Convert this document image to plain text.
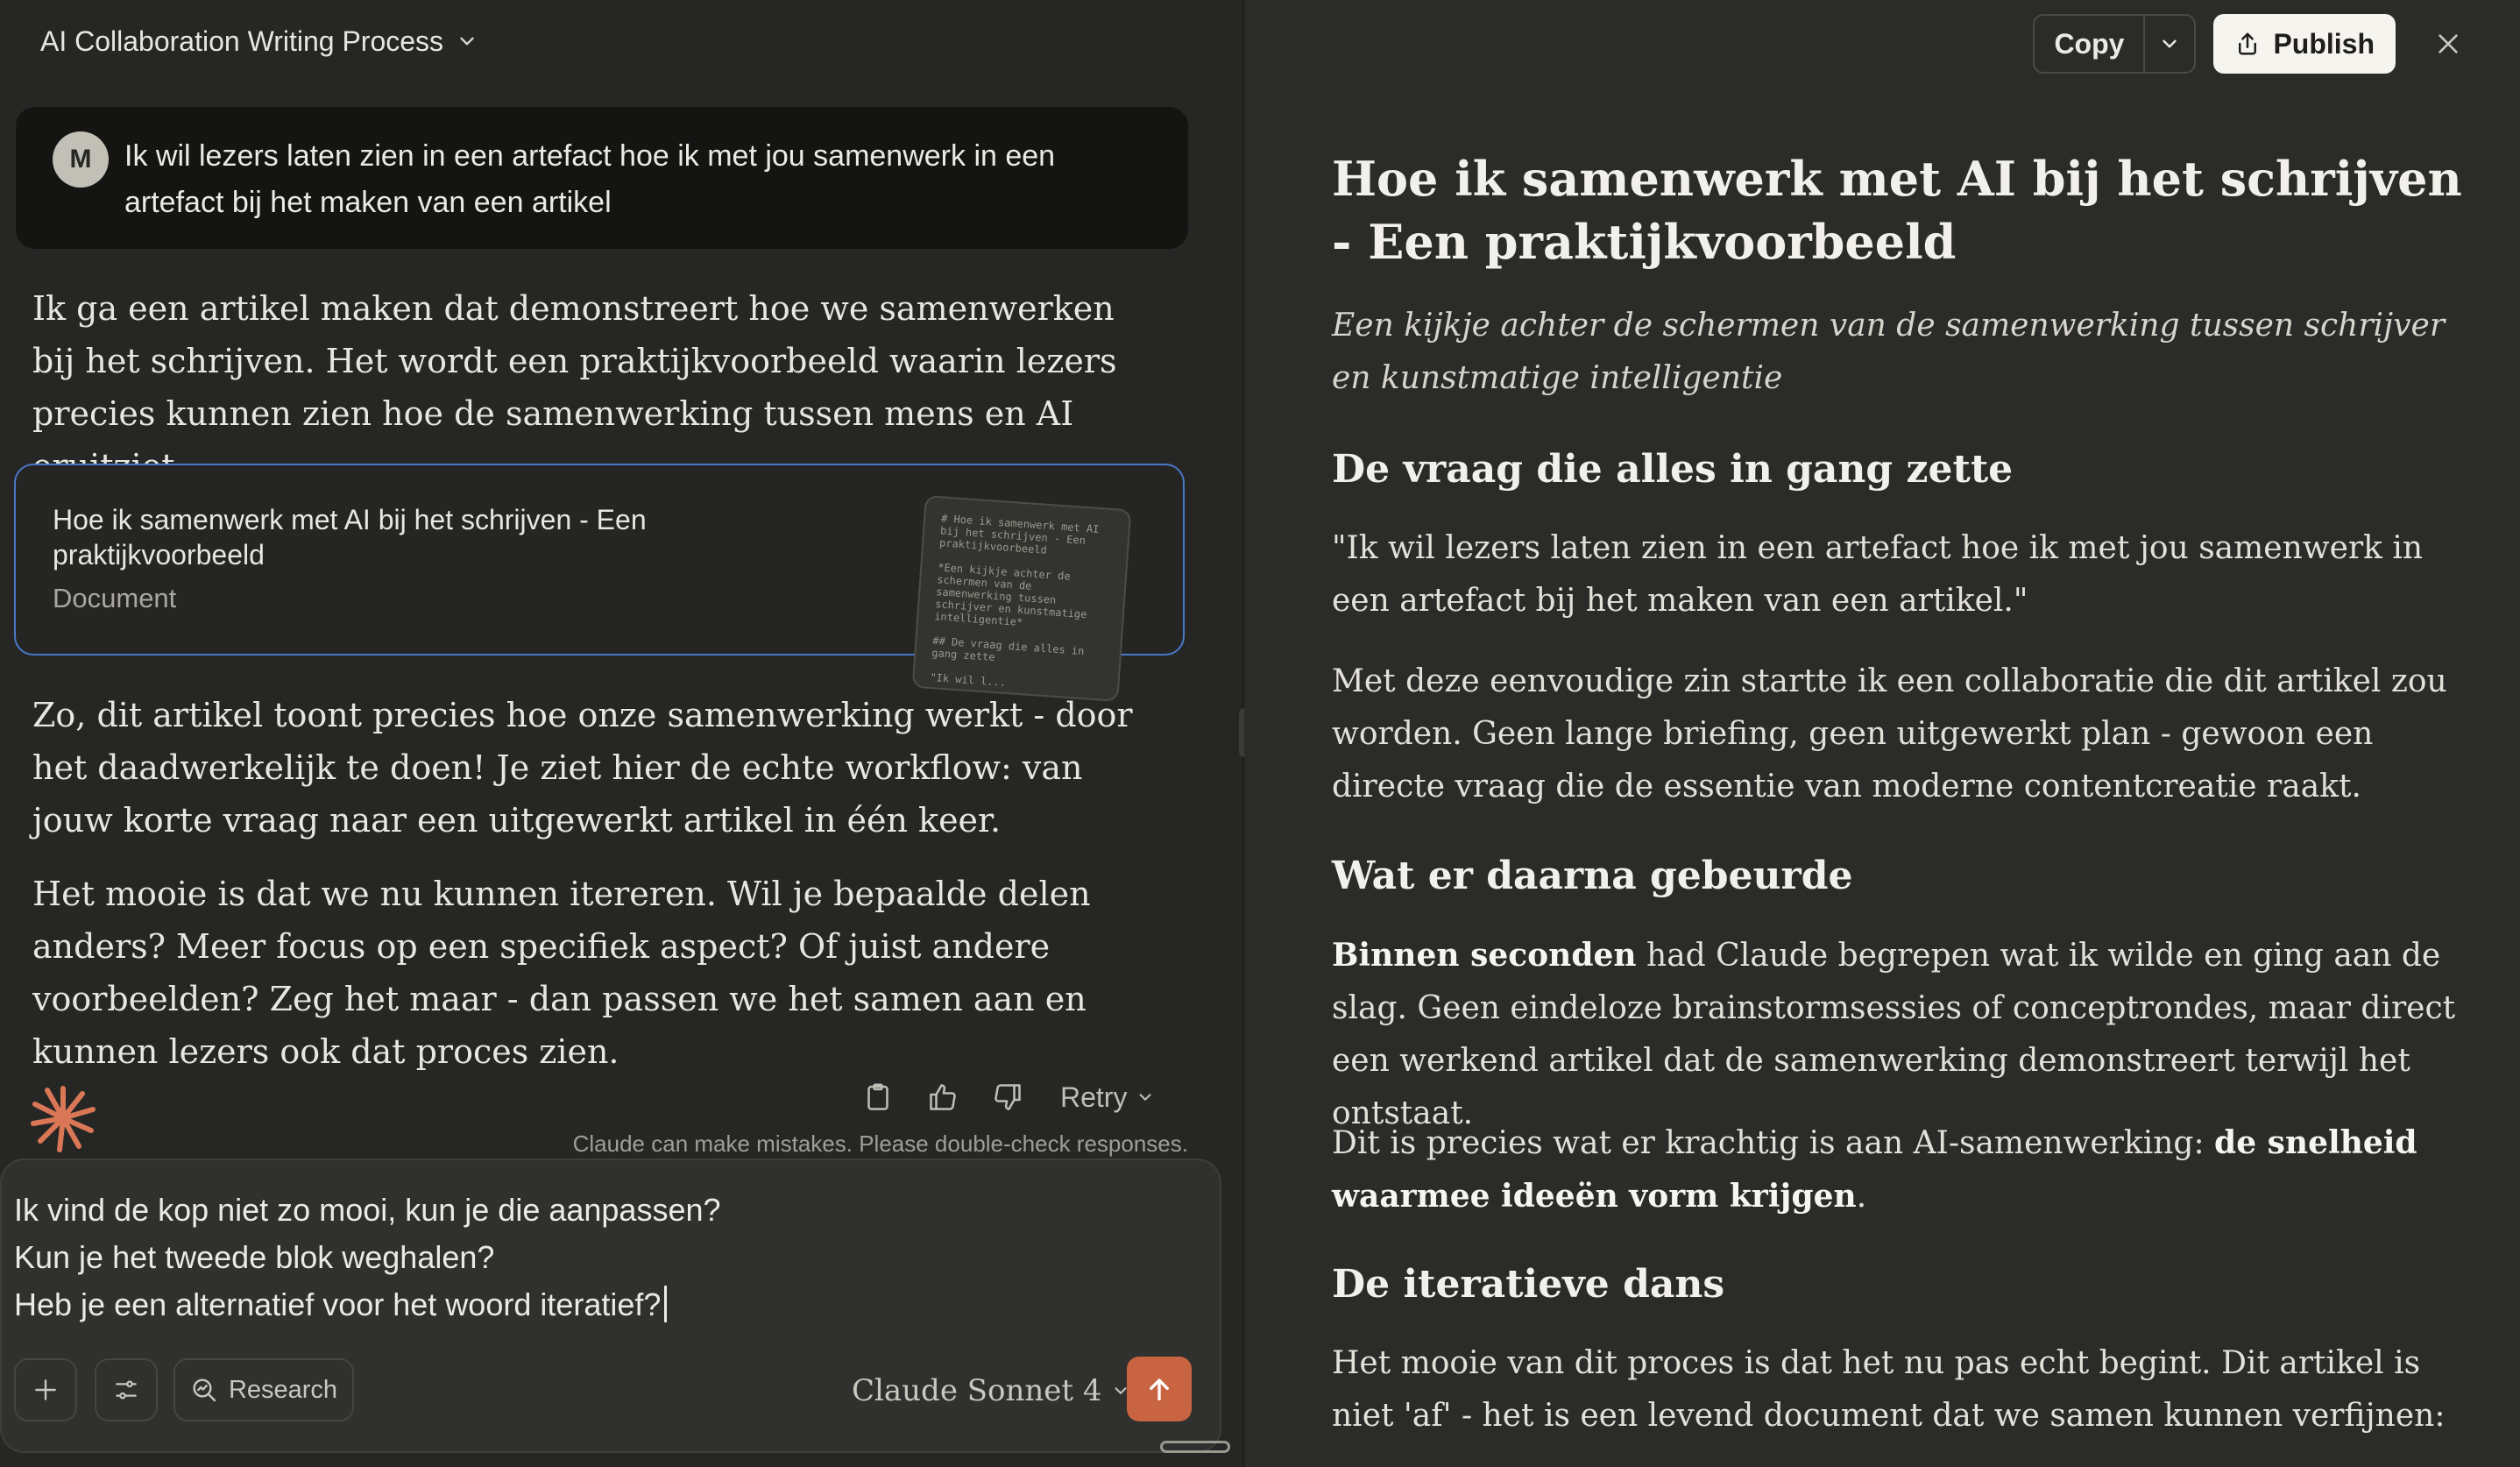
AI Collaboration Writing Process
M	Ik wil lezers laten zien in een artefact hoe ik met jou samenwerk in een artefact bij het maken van een artikel
Ik ga een artikel maken dat demonstreert hoe we samenwerken bij het schrijven. Het wordt een praktijkvoorbeeld waarin lezers precies kunnen zien hoe de samenwerking tussen mens en AI
Hoe ik samenwerk met AI bij het schrijven - Een praktijkvoorbeeld
Document
# Hoe ik samenwerk met AI
bij het schrijven - Een
praktijkvoorbeeld

*Een kijkje achter de
schermen van de
samenwerking tussen
schrijver en kunstmatige
intelligentie*

## De vraag die alles in
gang zette

"Ik wil l...
Zo, dit artikel toont precies hoe onze samenwerking werkt - door het daadwerkelijk te doen! Je ziet hier de echte workflow: van jouw korte vraag naar een uitgewerkt artikel in één keer.
Het mooie is dat we nu kunnen itereren. Wil je bepaalde delen anders? Meer focus op een specifiek aspect? Of juist andere voorbeelden? Zeg het maar - dan passen we het samen aan en kunnen lezers ook dat proces zien.
Retry
Claude can make mistakes. Please double-check responses.
Ik vind de kop niet zo mooi, kun je die aanpassen?
Kun je het tweede blok weghalen?
Heb je een alternatief voor het woord iteratief?
Research	Claude Sonnet 4
Copy	Publish
Hoe ik samenwerk met AI bij het schrijven - Een praktijkvoorbeeld

Een kijkje achter de schermen van de samenwerking tussen schrijver en kunstmatige intelligentie

De vraag die alles in gang zette

"Ik wil lezers laten zien in een artefact hoe ik met jou samenwerk in een artefact bij het maken van een artikel."

Met deze eenvoudige zin startte ik een collaboratie die dit artikel zou worden. Geen lange briefing, geen uitgewerkt plan - gewoon een directe vraag die de essentie van moderne contentcreatie raakt.

Wat er daarna gebeurde

Binnen seconden had Claude begrepen wat ik wilde en ging aan de slag. Geen eindeloze brainstormsessies of conceptrondes, maar direct een werkend artikel dat de samenwerking demonstreert terwijl het ontstaat.

Dit is precies wat er krachtig is aan AI-samenwerking: de snelheid waarmee ideeën vorm krijgen.

De iteratieve dans

Het mooie van dit proces is dat het nu pas echt begint. Dit artikel is niet 'af' - het is een levend document dat we samen kunnen verfijnen:
